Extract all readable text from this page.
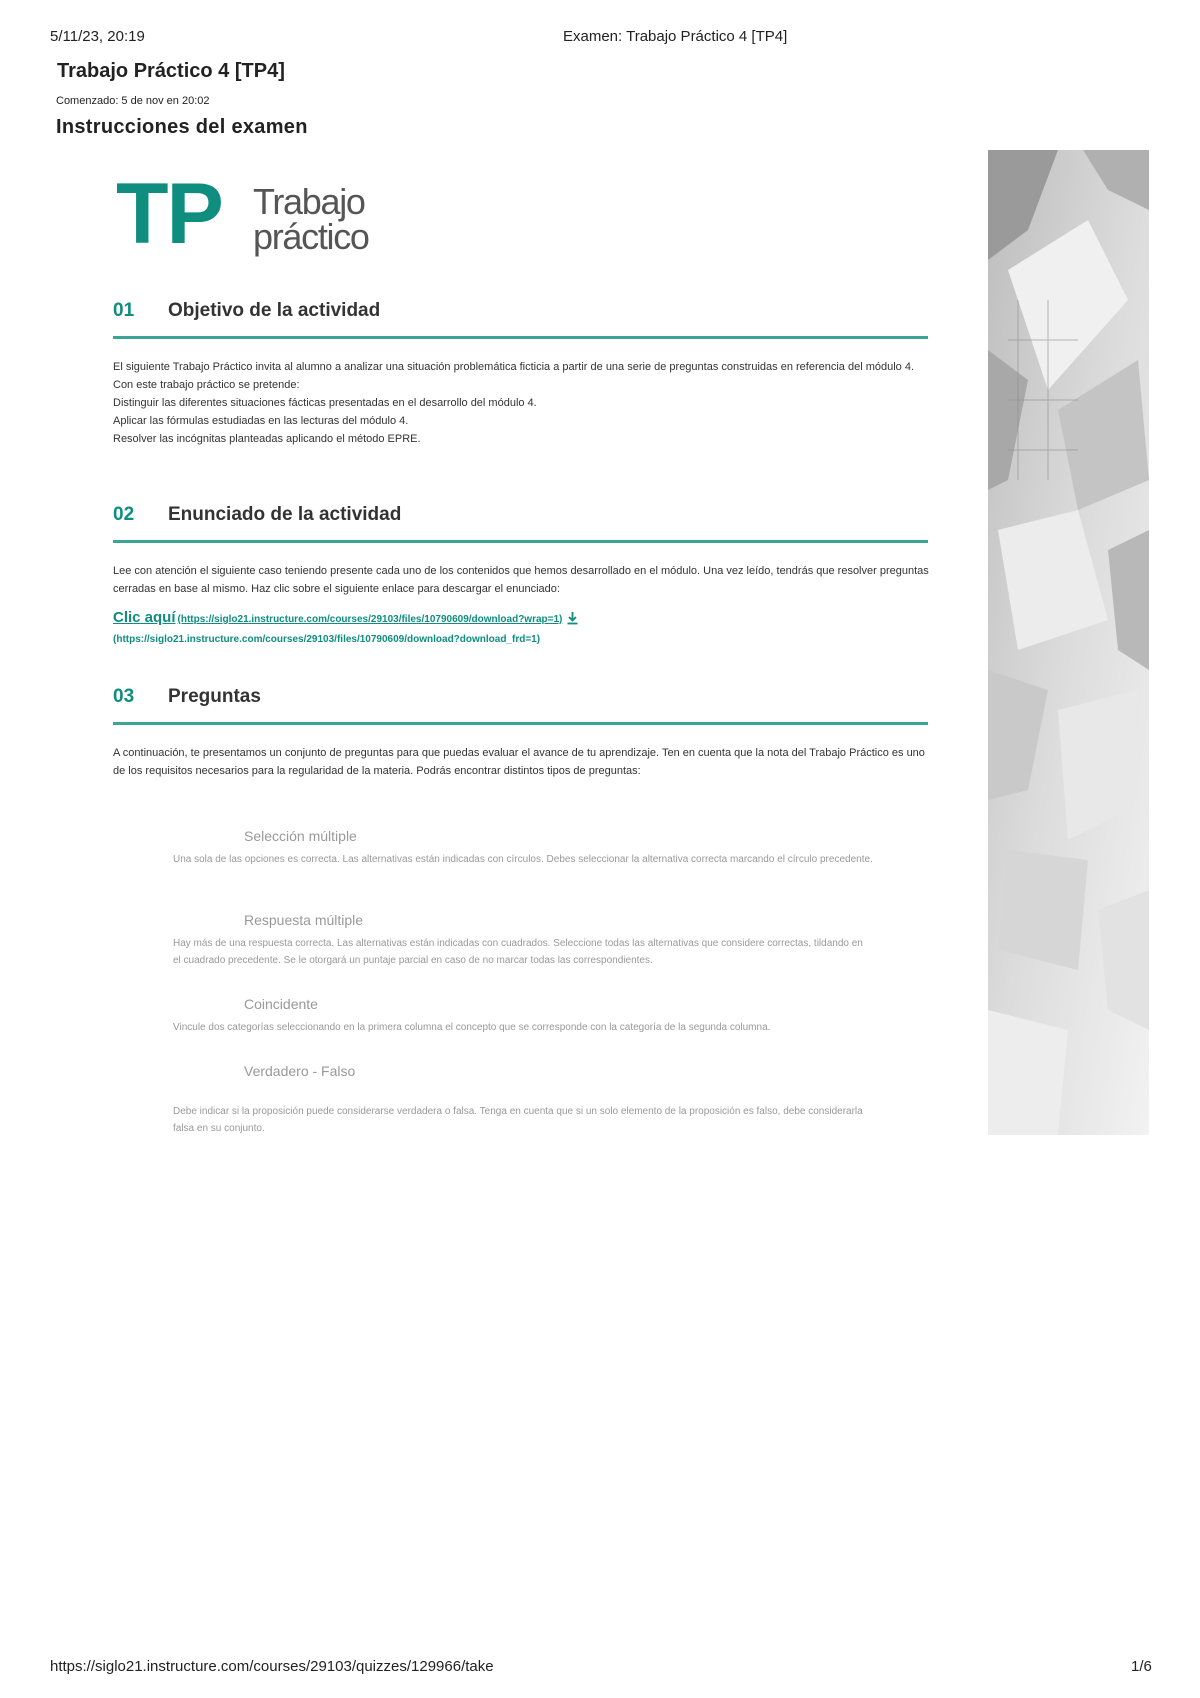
5/11/23, 20:19	Examen: Trabajo Práctico 4 [TP4]
Trabajo Práctico 4 [TP4]
Comenzado: 5 de nov en 20:02
Instrucciones del examen
TP Trabajo
práctico
01 Objetivo de la actividad

El siguiente Trabajo Práctico invita al alumno a analizar una situación problemática ficticia a partir de una serie de preguntas construidas en referencia del módulo 4.

Con este trabajo práctico se pretende:

Distinguir las diferentes situaciones fácticas presentadas en el desarrollo del módulo 4.

Aplicar las fórmulas estudiadas en las lecturas del módulo 4.

Resolver las incógnitas planteadas aplicando el método EPRE.

02 Enunciado de la actividad

Lee con atención el siguiente caso teniendo presente cada uno de los contenidos que hemos desarrollado en el módulo. Una vez leído, tendrás que resolver preguntas cerradas en base al mismo. Haz clic sobre el siguiente enlace para descargar el enunciado:

Clic aquí (https://siglo21.instructure.com/courses/29103/files/10790609/download?wrap=1)
(https://siglo21.instructure.com/courses/29103/files/10790609/download?download_frd=1)
03 Preguntas

A continuación, te presentamos un conjunto de preguntas para que puedas evaluar el avance de tu aprendizaje. Ten en cuenta que la nota del Trabajo Práctico es uno de los requisitos necesarios para la regularidad de la materia. Podrás encontrar distintos tipos de preguntas:

Selección múltiple
Una sola de las opciones es correcta. Las alternativas están indicadas con círculos. Debes seleccionar la alternativa correcta marcando el círculo precedente.
Respuesta múltiple
Hay más de una respuesta correcta. Las alternativas están indicadas con cuadrados. Seleccione todas las alternativas que considere correctas, tildando en el cuadrado precedente. Se le otorgará un puntaje parcial en caso de no marcar todas las correspondientes.
Coincidente
Vincule dos categorías seleccionando en la primera columna el concepto que se corresponde con la categoría de la segunda columna.
Verdadero - Falso
Debe indicar si la proposición puede considerarse verdadera o falsa. Tenga en cuenta que si un solo elemento de la proposición es falso, debe considerarla falsa en su conjunto.
https://siglo21.instructure.com/courses/29103/quizzes/129966/take	1/6
